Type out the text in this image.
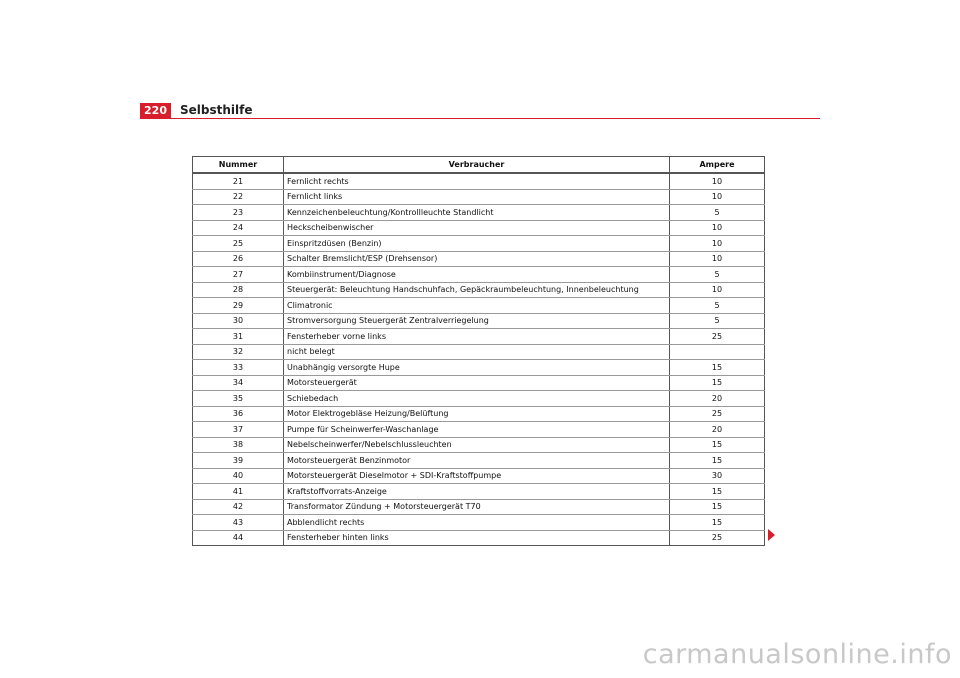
220	Selbsthilfe
Nummer	Verbraucher	Ampere
21	Fernlicht rechts	10
22	Fernlicht links	10
23	Kennzeichenbeleuchtung/Kontrollleuchte Standlicht	5
24	Heckscheibenwischer	10
25	Einspritzdüsen (Benzin)	10
26	Schalter Bremslicht/ESP (Drehsensor)	10
27	Kombiinstrument/Diagnose	5
28	Steuergerät: Beleuchtung Handschuhfach, Gepäckraumbeleuchtung, Innenbeleuchtung	10
29	Climatronic	5
30	Stromversorgung Steuergerät Zentralverriegelung	5
31	Fensterheber vorne links	25
32	nicht belegt	
33	Unabhängig versorgte Hupe	15
34	Motorsteuergerät	15
35	Schiebedach	20
36	Motor Elektrogebläse Heizung/Belüftung	25
37	Pumpe für Scheinwerfer-Waschanlage	20
38	Nebelscheinwerfer/Nebelschlussleuchten	15
39	Motorsteuergerät Benzinmotor	15
40	Motorsteuergerät Dieselmotor + SDI-Kraftstoffpumpe	30
41	Kraftstoffvorrats-Anzeige	15
42	Transformator Zündung + Motorsteuergerät T70	15
43	Abblendlicht rechts	15
44	Fensterheber hinten links	25
carmanualsonline.info
